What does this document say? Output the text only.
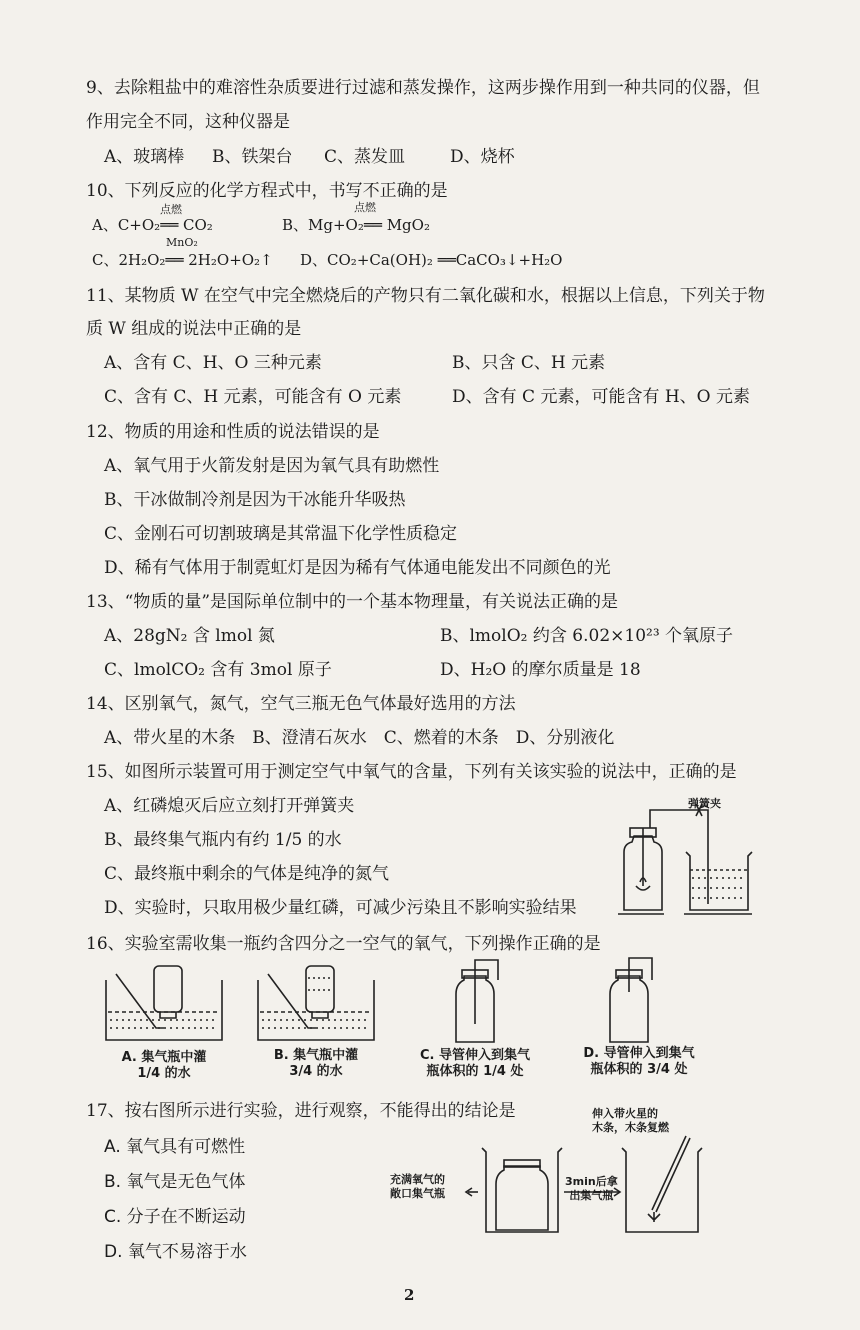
9、去除粗盐中的难溶性杂质要进行过滤和蒸发操作，这两步操作用到一种共同的仪器，但
作用完全不同，这种仪器是
A、玻璃棒 B、铁架台 C、蒸发皿	D、烧杯
10、下列反应的化学方程式中，书写不正确的是
点燃
A、C+O₂══ CO₂
点燃
B、Mg+O₂══ MgO₂
MnO₂
C、2H₂O₂══ 2H₂O+O₂↑ D、CO₂+Ca(OH)₂ ══CaCO₃↓+H₂O
11、某物质 W 在空气中完全燃烧后的产物只有二氧化碳和水，根据以上信息，下列关于物
质 W 组成的说法中正确的是
A、含有 C、H、O 三种元素	B、只含 C、H 元素
C、含有 C、H 元素，可能含有 O 元素	D、含有 C 元素，可能含有 H、O 元素
12、物质的用途和性质的说法错误的是
A、氧气用于火箭发射是因为氧气具有助燃性
B、干冰做制冷剂是因为干冰能升华吸热
C、金刚石可切割玻璃是其常温下化学性质稳定
D、稀有气体用于制霓虹灯是因为稀有气体通电能发出不同颜色的光
13、“物质的量”是国际单位制中的一个基本物理量，有关说法正确的是
A、28gN₂ 含 lmol 氮	B、lmolO₂ 约含 6.02×10²³ 个氧原子
C、lmolCO₂ 含有 3mol 原子	D、H₂O 的摩尔质量是 18
14、区别氧气，氮气，空气三瓶无色气体最好选用的方法
A、带火星的木条　B、澄清石灰水　C、燃着的木条　D、分别液化
15、如图所示装置可用于测定空气中氧气的含量，下列有关该实验的说法中，正确的是
A、红磷熄灭后应立刻打开弹簧夹
B、最终集气瓶内有约 1/5 的水
C、最终瓶中剩余的气体是纯净的氮气
D、实验时，只取用极少量红磷，可减少污染且不影响实验结果
弹簧夹
16、实验室需收集一瓶约含四分之一空气的氧气，下列操作正确的是
A. 集气瓶中灌
1/4 的水
B. 集气瓶中灌
3/4 的水
C. 导管伸入到集气
瓶体积的 1/4 处
D. 导管伸入到集气
瓶体积的 3/4 处
17、按右图所示进行实验，进行观察，不能得出的结论是
A. 氧气具有可燃性
B. 氧气是无色气体
C. 分子在不断运动
D. 氧气不易溶于水
充满氧气的
敞口集气瓶
3min后拿
出集气瓶
伸入带火星的
木条，木条复燃
2
